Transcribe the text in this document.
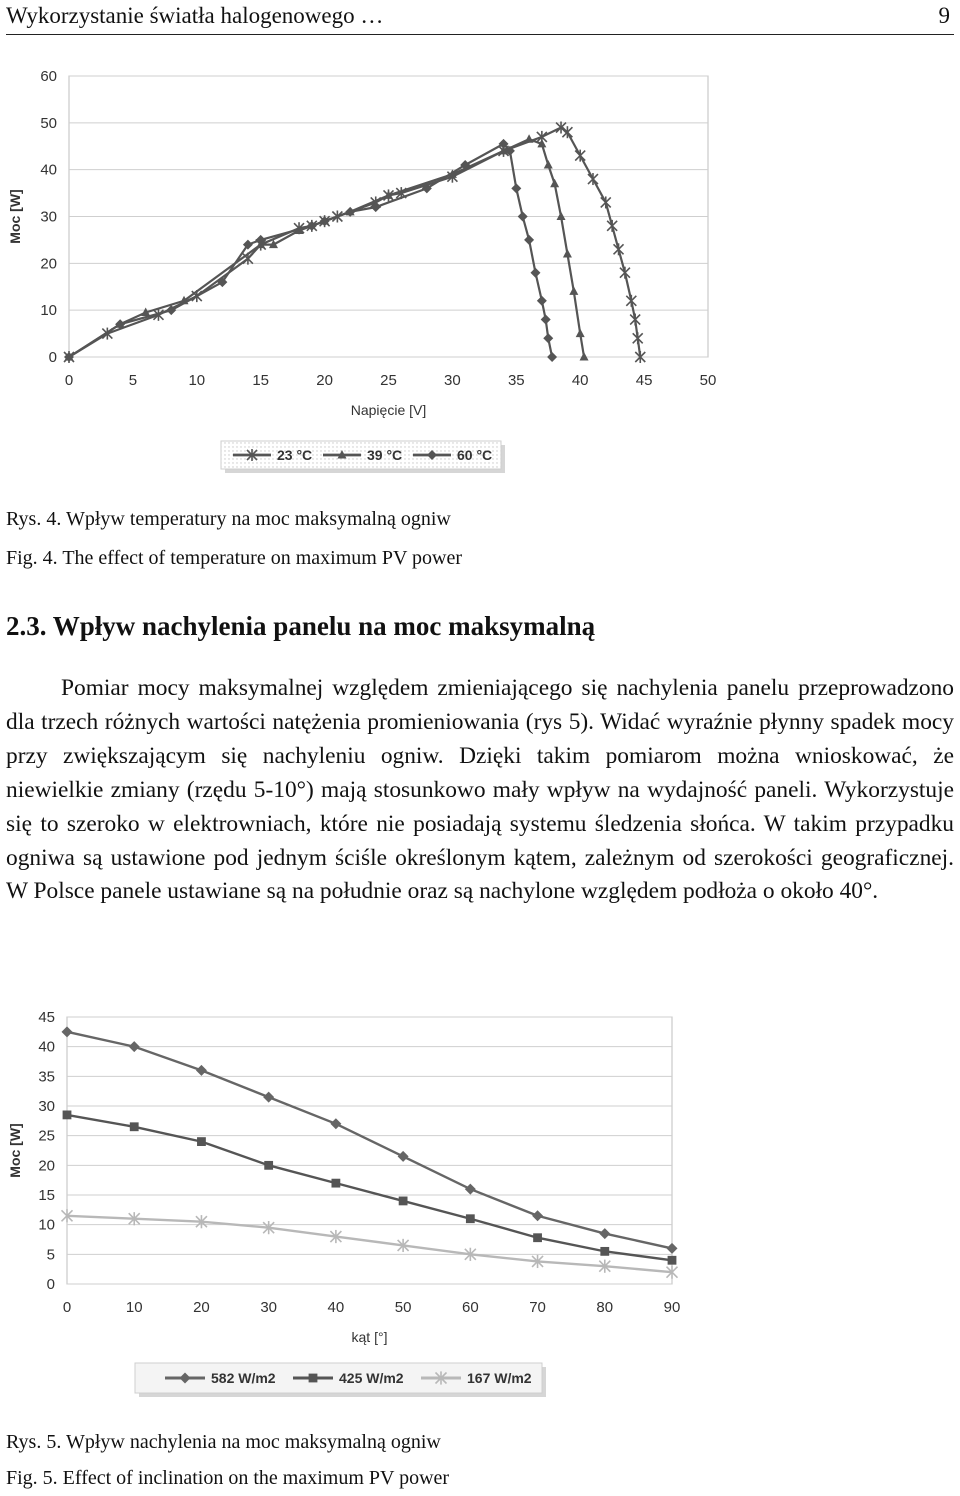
Wykorzystanie światła halogenowego …	9
0
10
20
30
40
50
60
0	5	10	15	20	25	30	35	40	45	50
Napięcie [V]
Moc [W]
23 °C	39 °C	60 °C
Rys. 4. Wpływ temperatury na moc maksymalną ogniw
Fig. 4. The effect of temperature on maximum PV power
2.3. Wpływ nachylenia panelu na moc maksymalną

Pomiar mocy maksymalnej względem zmieniającego się nachylenia panelu przeprowadzono dla trzech różnych wartości natężenia promieniowania (rys 5). Widać wyraźnie płynny spadek mocy przy zwiększającym się nachyleniu ogniw. Dzięki takim pomiarom można wnioskować, że niewielkie zmiany (rzędu 5-10°) mają stosunkowo mały wpływ na wydajność paneli. Wykorzystuje się to szeroko w elektrowniach, które nie posiadają systemu śledzenia słońca. W takim przypadku ogniwa są ustawione pod jednym ściśle określonym kątem, zależnym od szerokości geograficznej. W Polsce panele ustawiane są na południe oraz są nachylone względem podłoża o około 40°.

0
5
10
15
20
25
30
35
40
45
0	10	20	30	40	50	60	70	80	90
kąt [°]
Moc [W]
582 W/m2	425 W/m2	167 W/m2
Rys. 5. Wpływ nachylenia na moc maksymalną ogniw
Fig. 5. Effect of inclination on the maximum PV power
